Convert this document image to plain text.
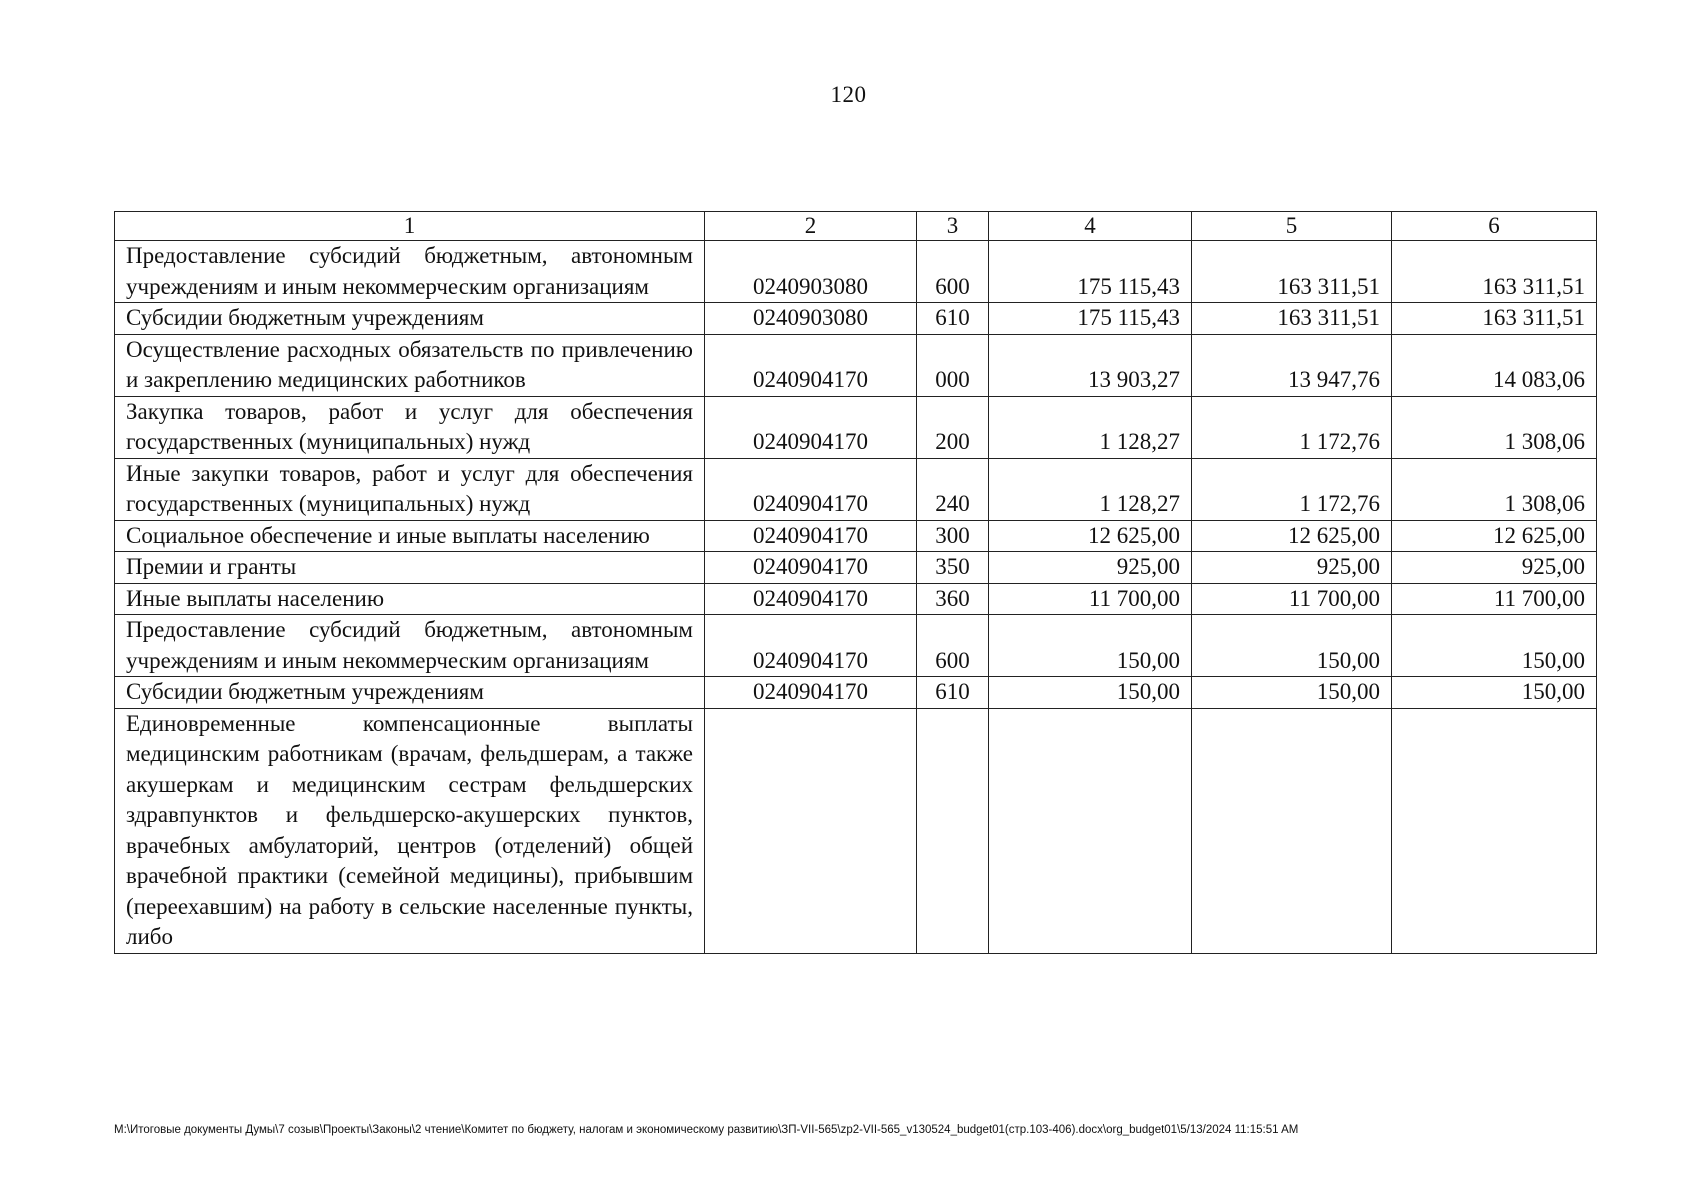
120
1	2	3	4	5	6
Предоставление субсидий бюджетным, автономным учреждениям и иным некоммерческим организациям	0240903080	600	175 115,43	163 311,51	163 311,51
Субсидии бюджетным учреждениям	0240903080	610	175 115,43	163 311,51	163 311,51
Осуществление расходных обязательств по привлечению и закреплению медицинских работников	0240904170	000	13 903,27	13 947,76	14 083,06
Закупка товаров, работ и услуг для обеспечения государственных (муниципальных) нужд	0240904170	200	1 128,27	1 172,76	1 308,06
Иные закупки товаров, работ и услуг для обеспечения государственных (муниципальных) нужд	0240904170	240	1 128,27	1 172,76	1 308,06
Социальное обеспечение и иные выплаты населению	0240904170	300	12 625,00	12 625,00	12 625,00
Премии и гранты	0240904170	350	925,00	925,00	925,00
Иные выплаты населению	0240904170	360	11 700,00	11 700,00	11 700,00
Предоставление субсидий бюджетным, автономным учреждениям и иным некоммерческим организациям	0240904170	600	150,00	150,00	150,00
Субсидии бюджетным учреждениям	0240904170	610	150,00	150,00	150,00
Единовременные компенсационные выплаты медицинским работникам (врачам, фельдшерам, а также акушеркам и медицинским сестрам фельдшерских здравпунктов и фельдшерско-акушерских пунктов, врачебных амбулаторий, центров (отделений) общей врачебной практики (семейной медицины), прибывшим (переехавшим) на работу в сельские населенные пункты, либо					
M:\Итоговые документы Думы\7 созыв\Проекты\Законы\2 чтение\Комитет по бюджету, налогам и экономическому развитию\ЗП-VII-565\zp2-VII-565_v130524_budget01(стр.103-406).docx\org_budget01\5/13/2024 11:15:51 AM
